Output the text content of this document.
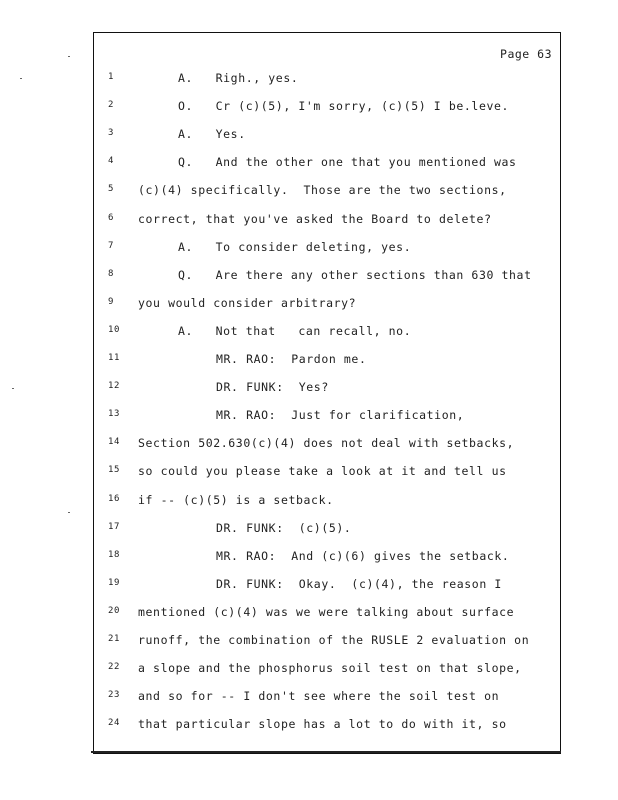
Page 63
1	A.   Righ., yes.
2	O.   Cr (c)(5), I'm sorry, (c)(5) I be.leve.
3	A.   Yes.
4	Q.   And the other one that you mentioned was
5	(c)(4) specifically.  Those are the two sections,
6	correct, that you've asked the Board to delete?
7	A.   To consider deleting, yes.
8	Q.   Are there any other sections than 630 that
9	you would consider arbitrary?
10	A.   Not that   can recall, no.
11	MR. RAO:  Pardon me.
12	DR. FUNK:  Yes?
13	MR. RAO:  Just for clarification,
14	Section 502.630(c)(4) does not deal with setbacks,
15	so could you please take a look at it and tell us
16	if -- (c)(5) is a setback.
17	DR. FUNK:  (c)(5).
18	MR. RAO:  And (c)(6) gives the setback.
19	DR. FUNK:  Okay.  (c)(4), the reason I
20	mentioned (c)(4) was we were talking about surface
21	runoff, the combination of the RUSLE 2 evaluation on
22	a slope and the phosphorus soil test on that slope,
23	and so for -- I don't see where the soil test on
24	that particular slope has a lot to do with it, so
